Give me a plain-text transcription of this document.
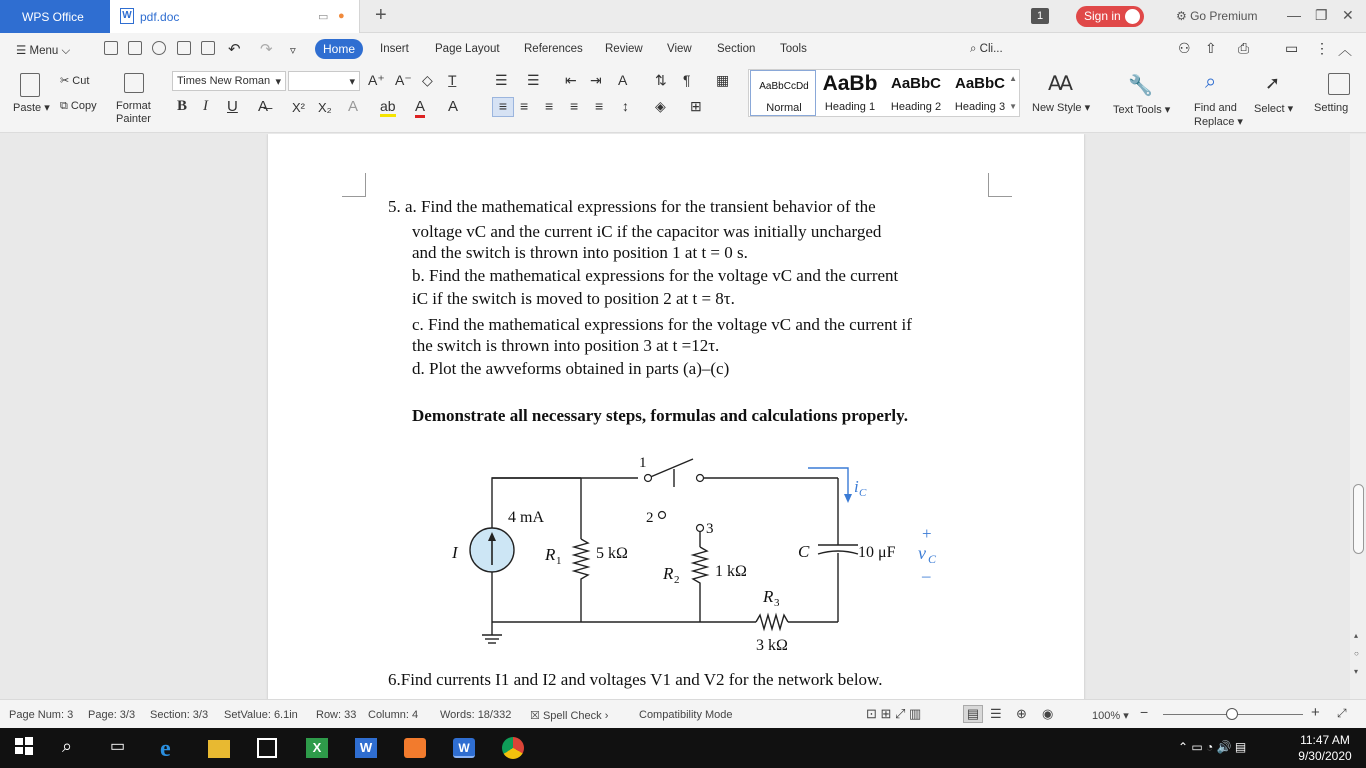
WPS Office	W pdf.doc	▭ ● +	1	Sign in	⚙ Go Premium — ❐ ✕
☰ Menu ⌵	↶ ↷ ▿	Home	Insert Page Layout References Review View Section Tools	⌕ Cli...	⚇ ⇧ ⎙	▭ ⋮ ︿
Paste ▾
✂ Cut
⧉ Copy Format
Painter
Times New Roman ▾	▾ A⁺ A⁻ ◇ T̲
B I U A̶ X² X₂ A ab A A
☰ ☰ ⇤ ⇥ A ⇅ ¶ ▦
≡ ≡ ≡ ≡ ≡ ↕ ◈ ⊞
AaBbCcDd
Normal
AaBb
Heading 1
AaBbC
Heading 2
AaBbC
Heading 3
▲
▼
Ꜳ
New Style ▾
🔧
Text Tools ▾
⌕
Find and
Replace ▾
➚
Select ▾ Setting
5. a. Find the mathematical expressions for the transient behavior of the
voltage vC and the current iC if the capacitor was initially uncharged
and the switch is thrown into position 1 at t = 0 s.
b. Find the mathematical expressions for the voltage vC and the current
iC if the switch is moved to position 2 at t = 8τ.
c. Find the mathematical expressions for the voltage vC and the current if
the switch is thrown into position 3 at t =12τ.
d. Plot the awveforms obtained in parts (a)–(c)
Demonstrate all necessary steps, formulas and calculations properly.
6.Find currents I1 and I2 and voltages V1 and V2 for the network below.
4 mA
I	R 1 5 kΩ
R 2 1 kΩ
R 3
3 kΩ
C	10 μF v C
+
–
i C
1
2
3
▴
○
▾
Page Num: 3 Page: 3/3 Section: 3/3 SetValue: 6.1in Row: 33 Column: 4 Words: 18/332 ☒ Spell Check ›	Compatibility Mode	⊡ ⊞ ⤢ ▥	▤ ☰ ⊕ ◉	100% ▾ −	+ ⤢
⌕	▭	e	X	W	W	⌃ ▭ ◔ 🔊 ▤	11:47 AM
9/30/2020
